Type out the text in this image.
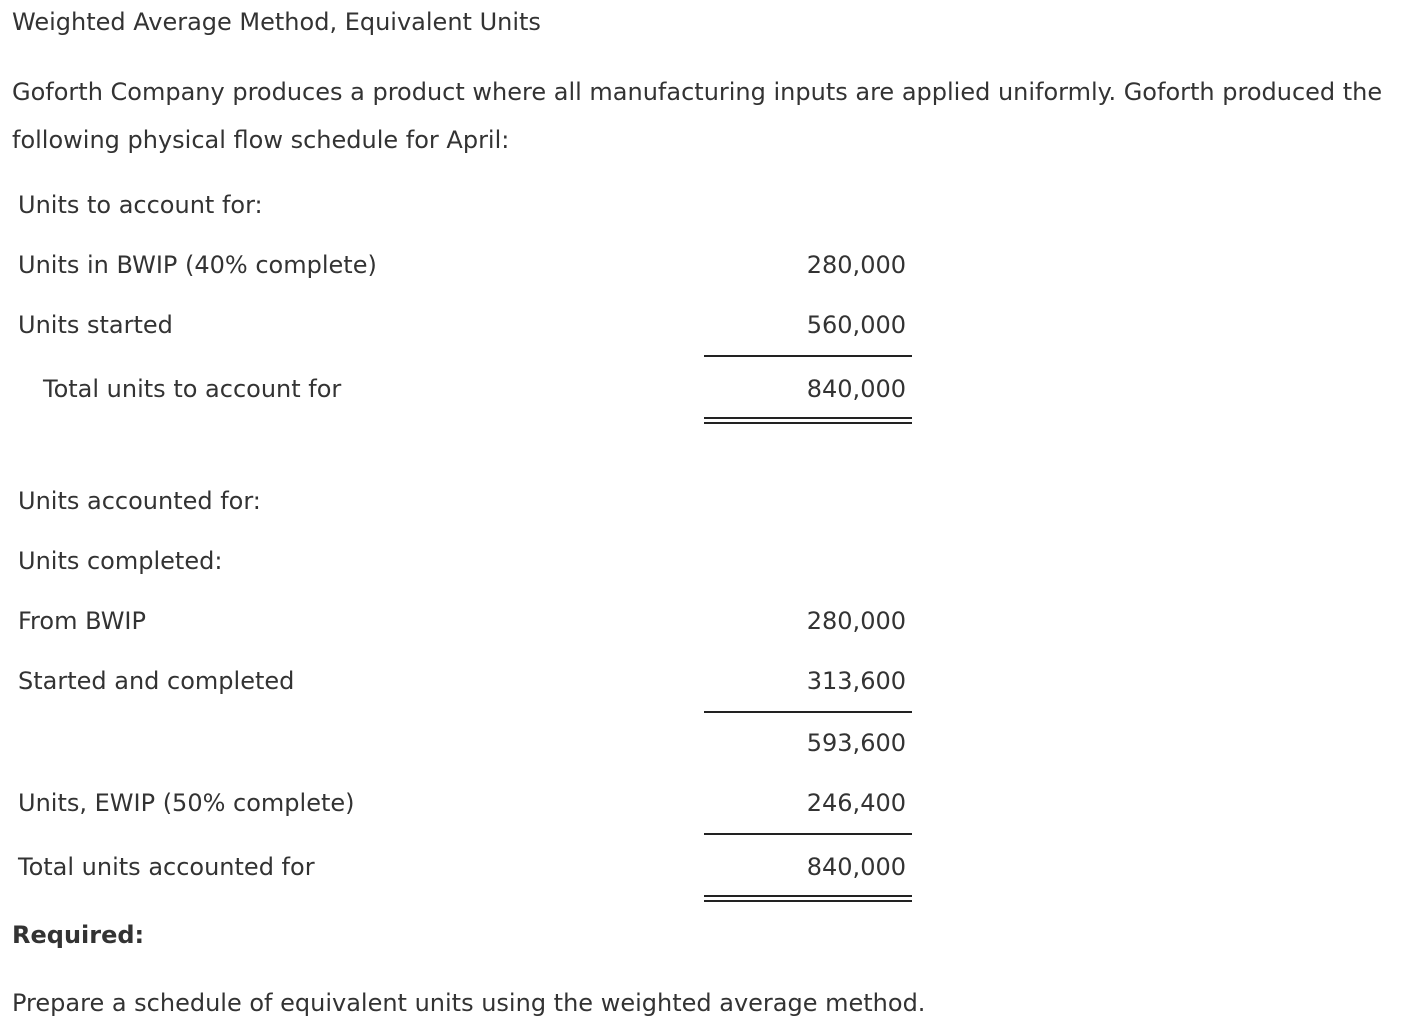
Weighted Average Method, Equivalent Units
Goforth Company produces a product where all manufacturing inputs are applied uniformly. Goforth produced the following physical flow schedule for April:
Units to account for:
Units in BWIP (40% complete)	280,000
Units started	560,000
Total units to account for	840,000
Units accounted for:
Units completed:
From BWIP	280,000
Started and completed	313,600
593,600
Units, EWIP (50% complete)	246,400
Total units accounted for	840,000
Required:
Prepare a schedule of equivalent units using the weighted average method.
